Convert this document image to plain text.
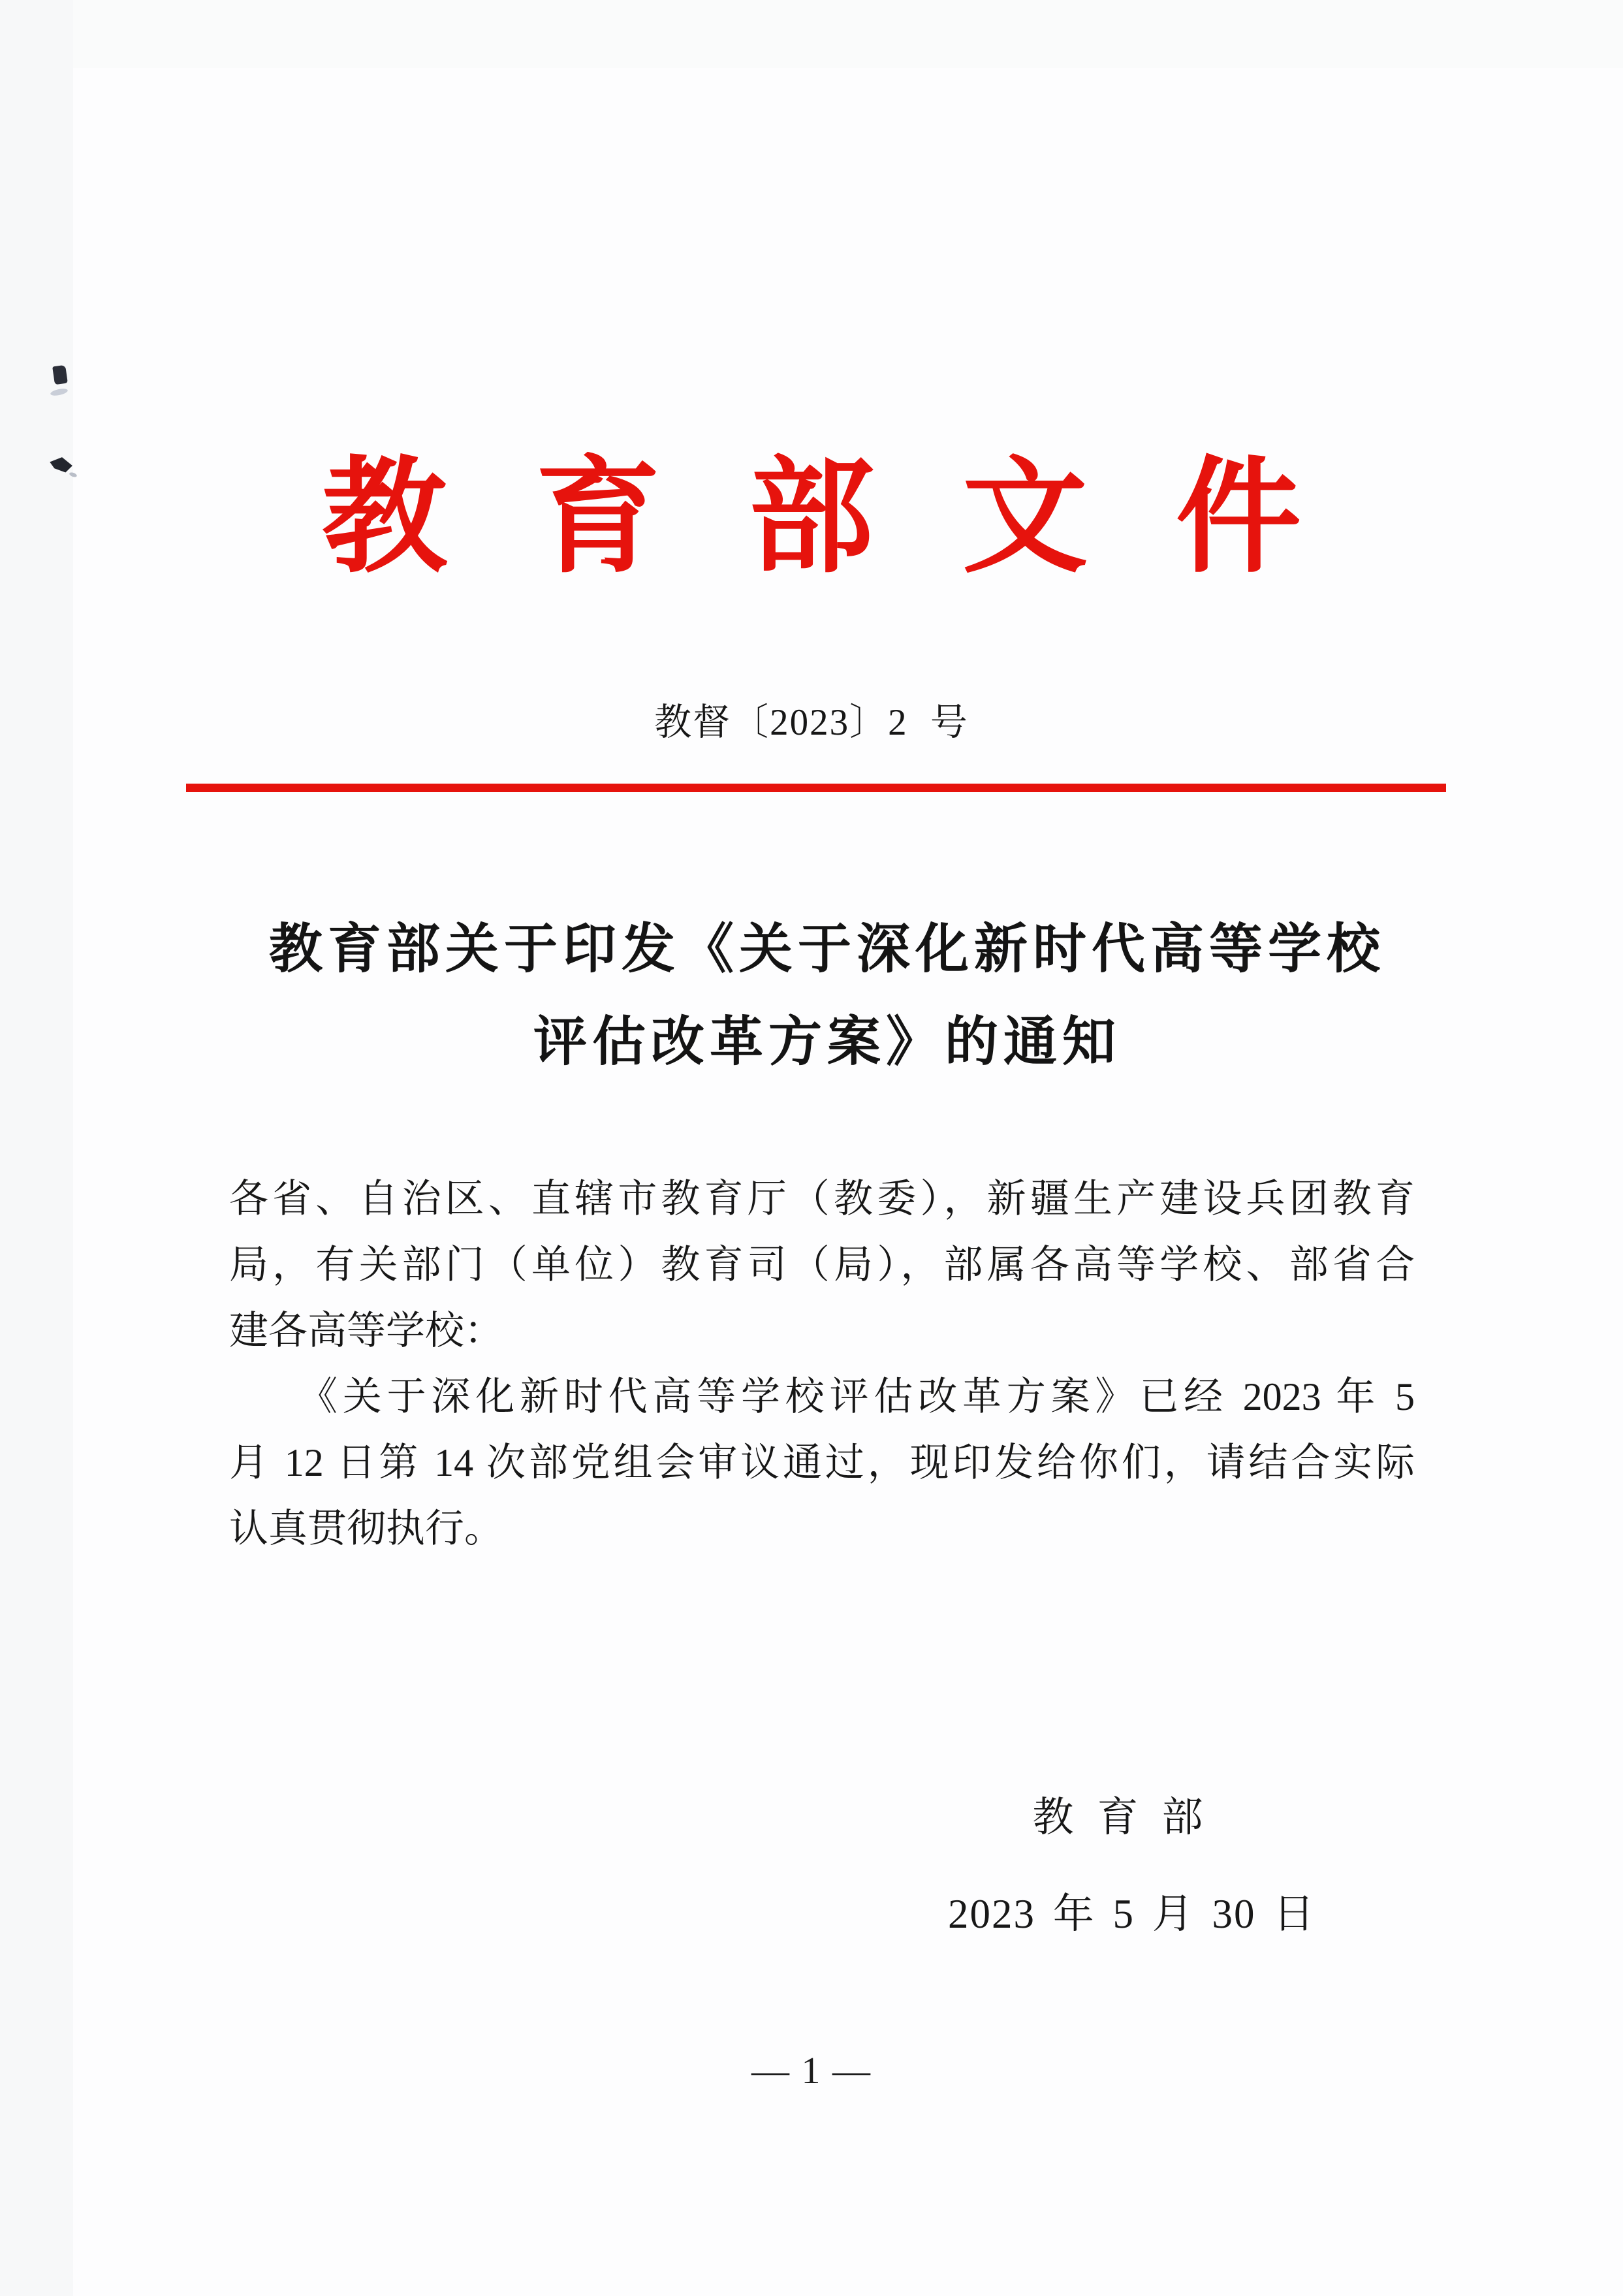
教育部文件
教督〔2023〕2 号
教育部关于印发《关于深化新时代高等学校
评估改革方案》的通知
各省、自治区、直辖市教育厅（教委），新疆生产建设兵团教育
局，有关部门（单位）教育司（局），部属各高等学校、部省合
建各高等学校：
《关于深化新时代高等学校评估改革方案》已经 2023 年 5
月 12 日第 14 次部党组会审议通过，现印发给你们，请结合实际
认真贯彻执行。
教育部
2023 年 5 月 30 日
— 1 —
